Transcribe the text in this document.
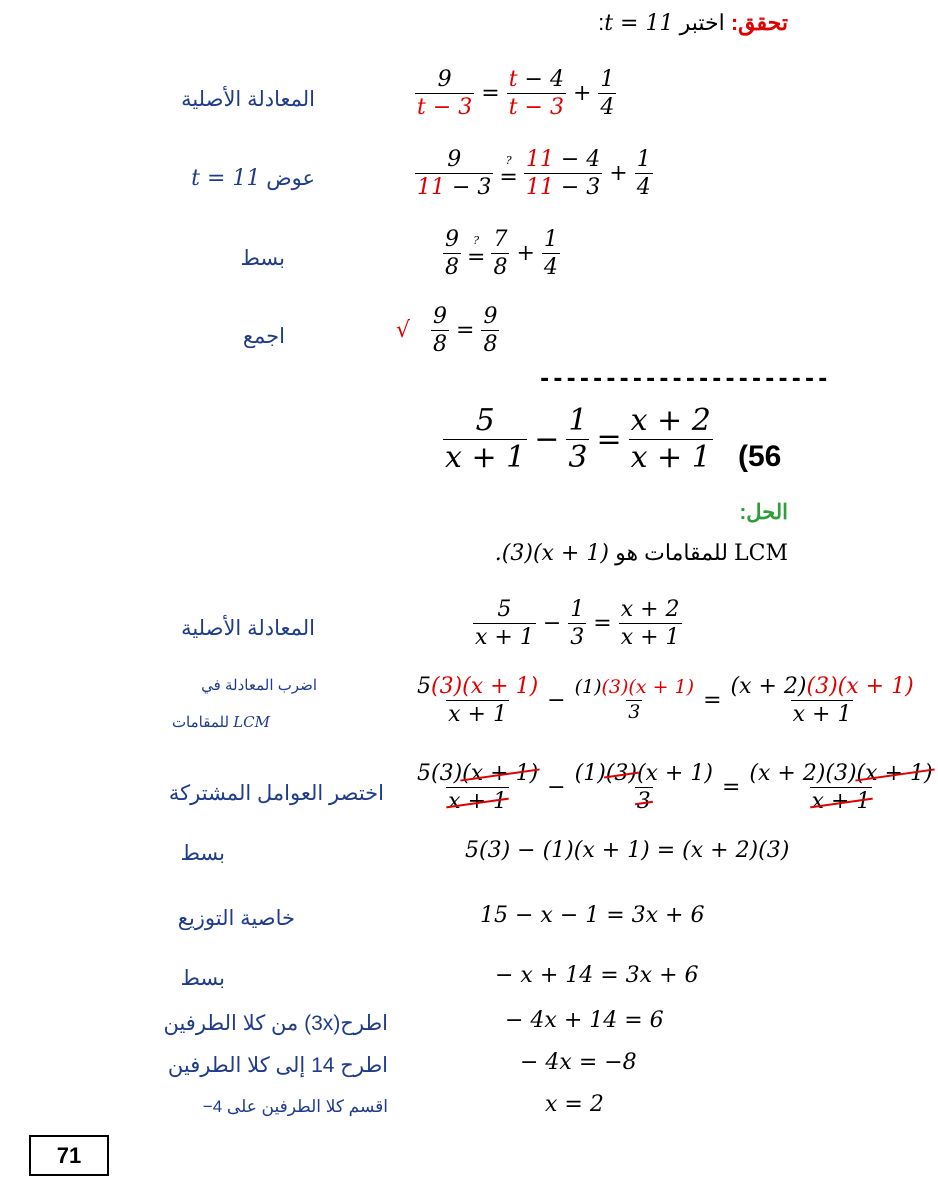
تحقق: اختبر t = 11:
$\frac{9}{t - 3} = \frac{t - 4}{t - 3} + \frac{1}{4}$
المعادلة الأصلية
$\frac{9}{11 - 3}$ ?
= $\frac{11 - 4}{11 - 3} + \frac{1}{4}$
عوض t = 11
$\frac{9}{8}$ ?
= $\frac{7}{8} + \frac{1}{4}$
بسط
√ $\frac{9}{8} = \frac{9}{8}$
اجمع
----------------------
$\frac{5}{x + 1} - \frac{1}{3} = \frac{x + 2}{x + 1} (56$
الحل:
LCM للمقامات هو .(3)(x + 1)
$\frac{5}{x + 1} - \frac{1}{3} = \frac{x + 2}{x + 1}$
المعادلة الأصلية
$\frac{5(3)(x + 1)}{x + 1} - \frac{(1)(3)(x + 1)}{3} = \frac{(x + 2)(3)(x + 1)}{x + 1}$
اضرب المعادلة في
LCM للمقامات
$\frac{5(3)(x + 1)}{x + 1} - \frac{(1)(3)(x + 1)}{3} = \frac{(x + 2)(3)(x + 1)}{x + 1}$
اختصر العوامل المشتركة
5(3) − (1)(x + 1) = (x + 2)(3)
بسط
15 − x − 1 = 3x + 6
خاصية التوزيع
− x + 14 = 3x + 6
بسط
− 4x + 14 = 6
اطرح(3x) من كلا الطرفين
− 4x = −8
اطرح 14 إلى كلا الطرفين
x = 2
اقسم كلا الطرفين على 4−
71
